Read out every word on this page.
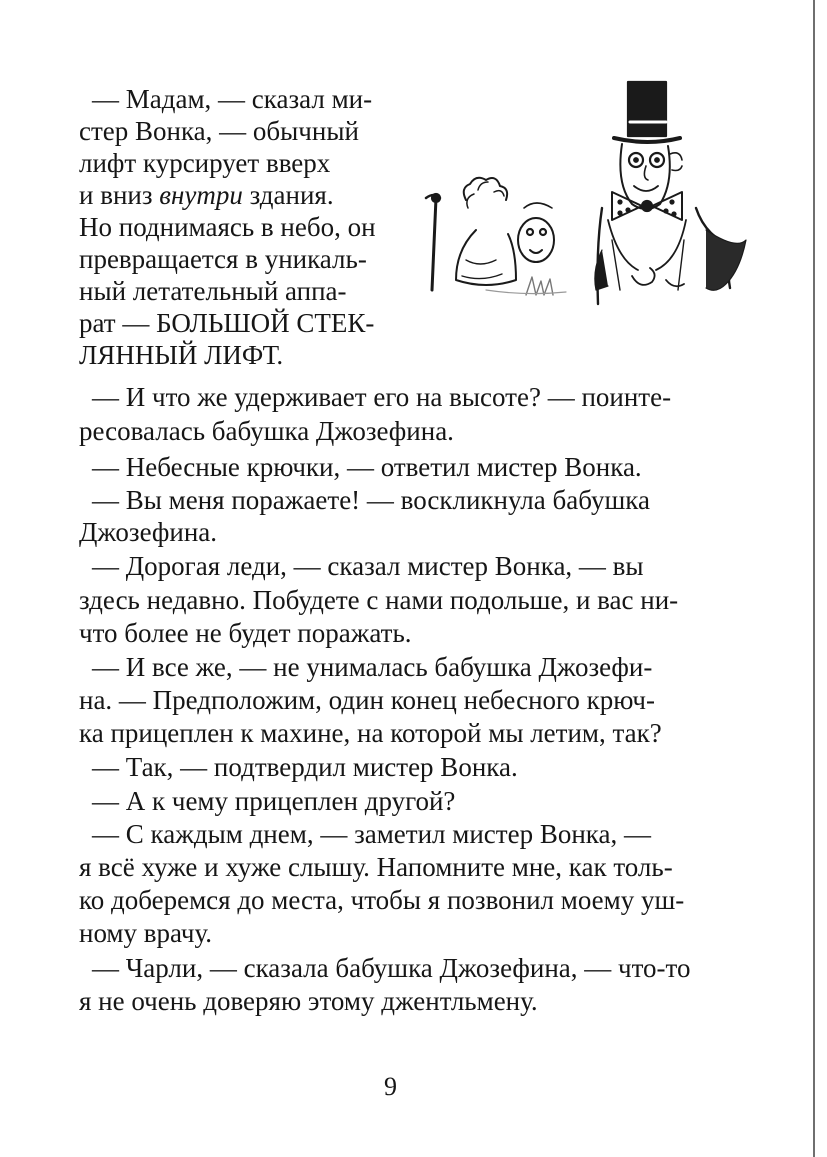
— Мадам, — сказал ми-

стер Вонка, — обычный

лифт курсирует вверх

и вниз внутри здания.

Но поднимаясь в небо, он

превращается в уникаль-

ный летательный аппа-

рат — БОЛЬШОЙ СТЕК-

ЛЯННЫЙ ЛИФТ.

— И что же удерживает его на высоте? — поинте-

ресовалась бабушка Джозефина.

— Небесные крючки, — ответил мистер Вонка.

— Вы меня поражаете! — воскликнула бабушка

Джозефина.

— Дорогая леди, — сказал мистер Вонка, — вы

здесь недавно. Побудете с нами подольше, и вас ни-

что более не будет поражать.

— И все же, — не унималась бабушка Джозефи-

на. — Предположим, один конец небесного крюч-

ка прицеплен к махине, на которой мы летим, так?

— Так, — подтвердил мистер Вонка.

— А к чему прицеплен другой?

— С каждым днем, — заметил мистер Вонка, —

я всё хуже и хуже слышу. Напомните мне, как толь-

ко доберемся до места, чтобы я позвонил моему уш-

ному врачу.

— Чарли, — сказала бабушка Джозефина, — что-то

я не очень доверяю этому джентльмену.

9
